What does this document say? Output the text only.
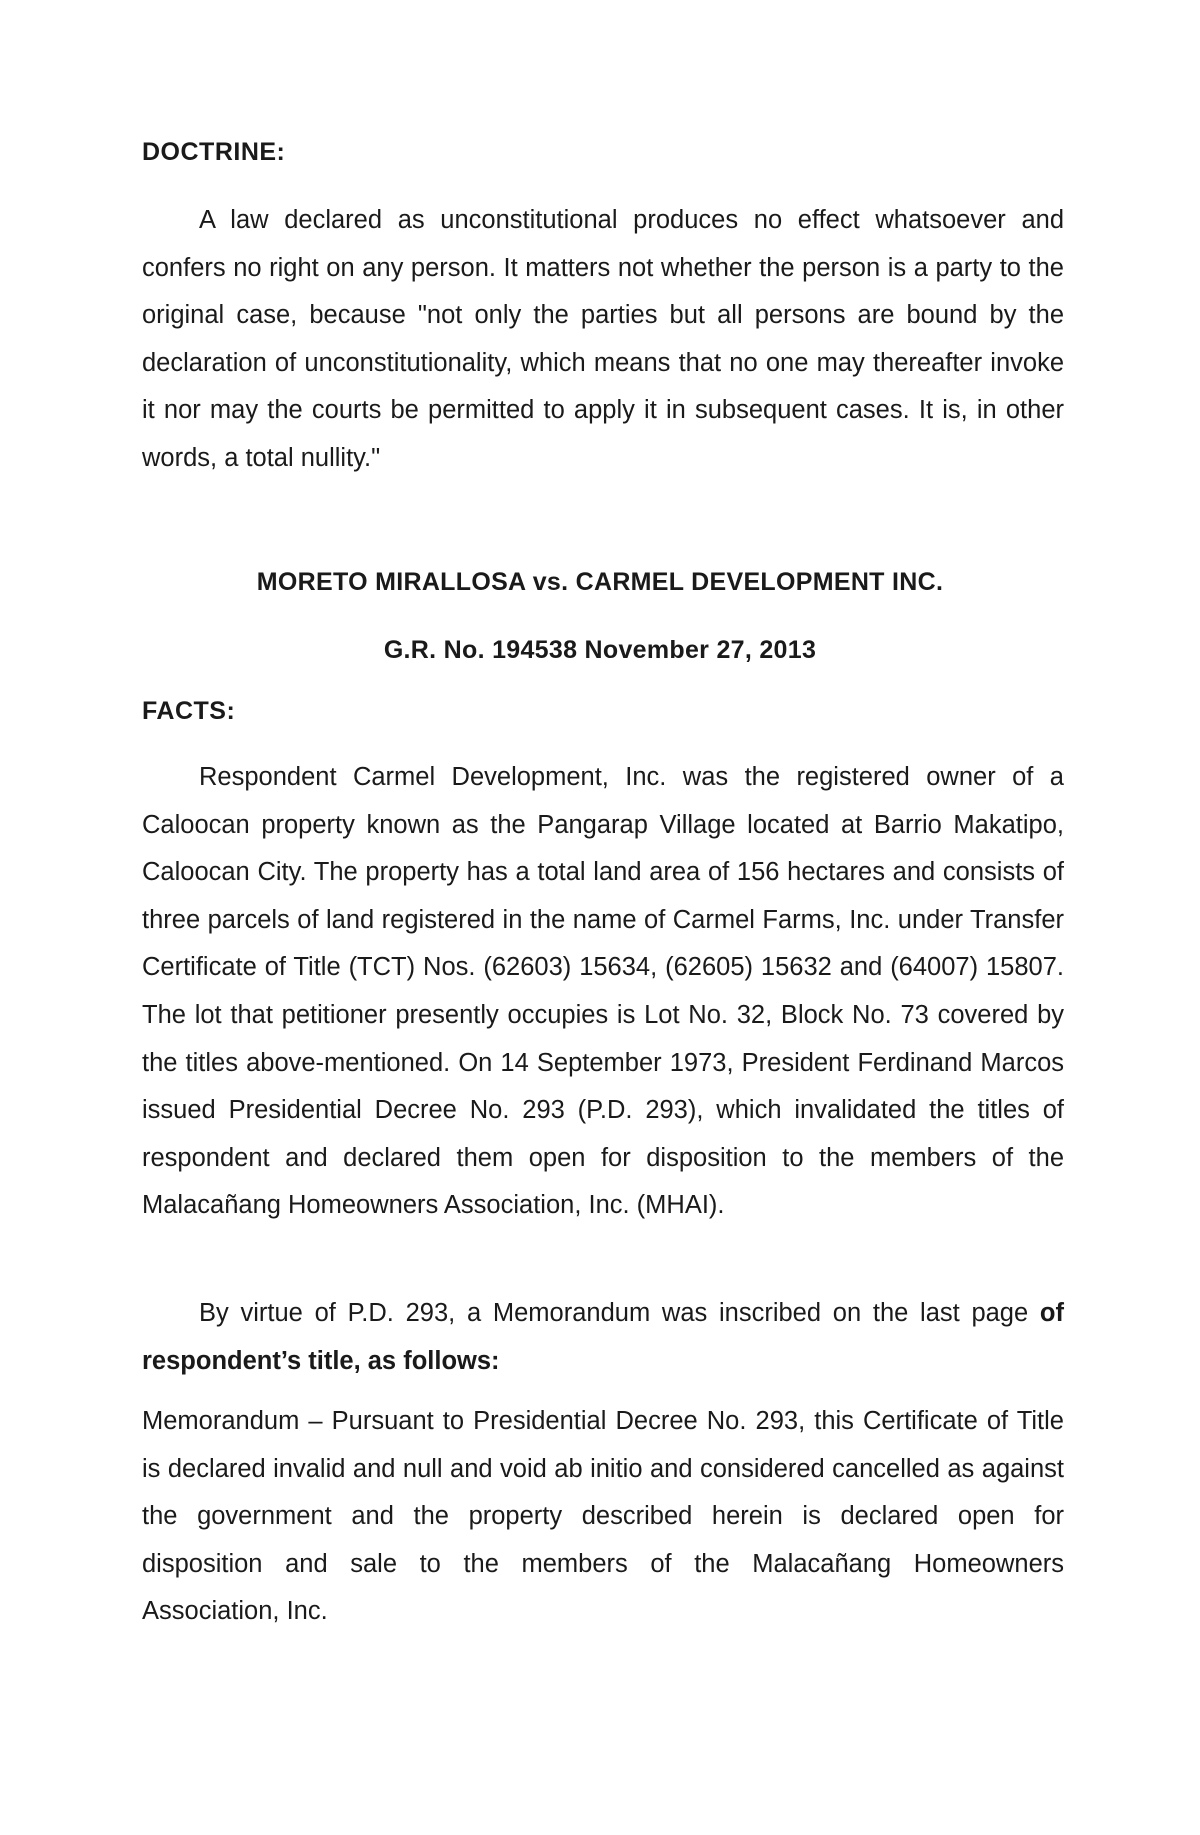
DOCTRINE:

A law declared as unconstitutional produces no effect whatsoever and confers no right on any person. It matters not whether the person is a party to the original case, because "not only the parties but all persons are bound by the declaration of unconstitutionality, which means that no one may thereafter invoke it nor may the courts be permitted to apply it in subsequent cases. It is, in other words, a total nullity."

MORETO MIRALLOSA vs. CARMEL DEVELOPMENT INC.
G.R. No. 194538 November 27, 2013
FACTS:

Respondent Carmel Development, Inc. was the registered owner of a Caloocan property known as the Pangarap Village located at Barrio Makatipo, Caloocan City. The property has a total land area of 156 hectares and consists of three parcels of land registered in the name of Carmel Farms, Inc. under Transfer Certificate of Title (TCT) Nos. (62603) 15634, (62605) 15632 and (64007) 15807. The lot that petitioner presently occupies is Lot No. 32, Block No. 73 covered by the titles above-mentioned. On 14 September 1973, President Ferdinand Marcos issued Presidential Decree No. 293 (P.D. 293), which invalidated the titles of respondent and declared them open for disposition to the members of the Malacañang Homeowners Association, Inc. (MHAI).

By virtue of P.D. 293, a Memorandum was inscribed on the last page of respondent’s title, as follows:

Memorandum – Pursuant to Presidential Decree No. 293, this Certificate of Title is declared invalid and null and void ab initio and considered cancelled as against the government and the property described herein is declared open for disposition and sale to the members of the Malacañang Homeowners Association, Inc.
